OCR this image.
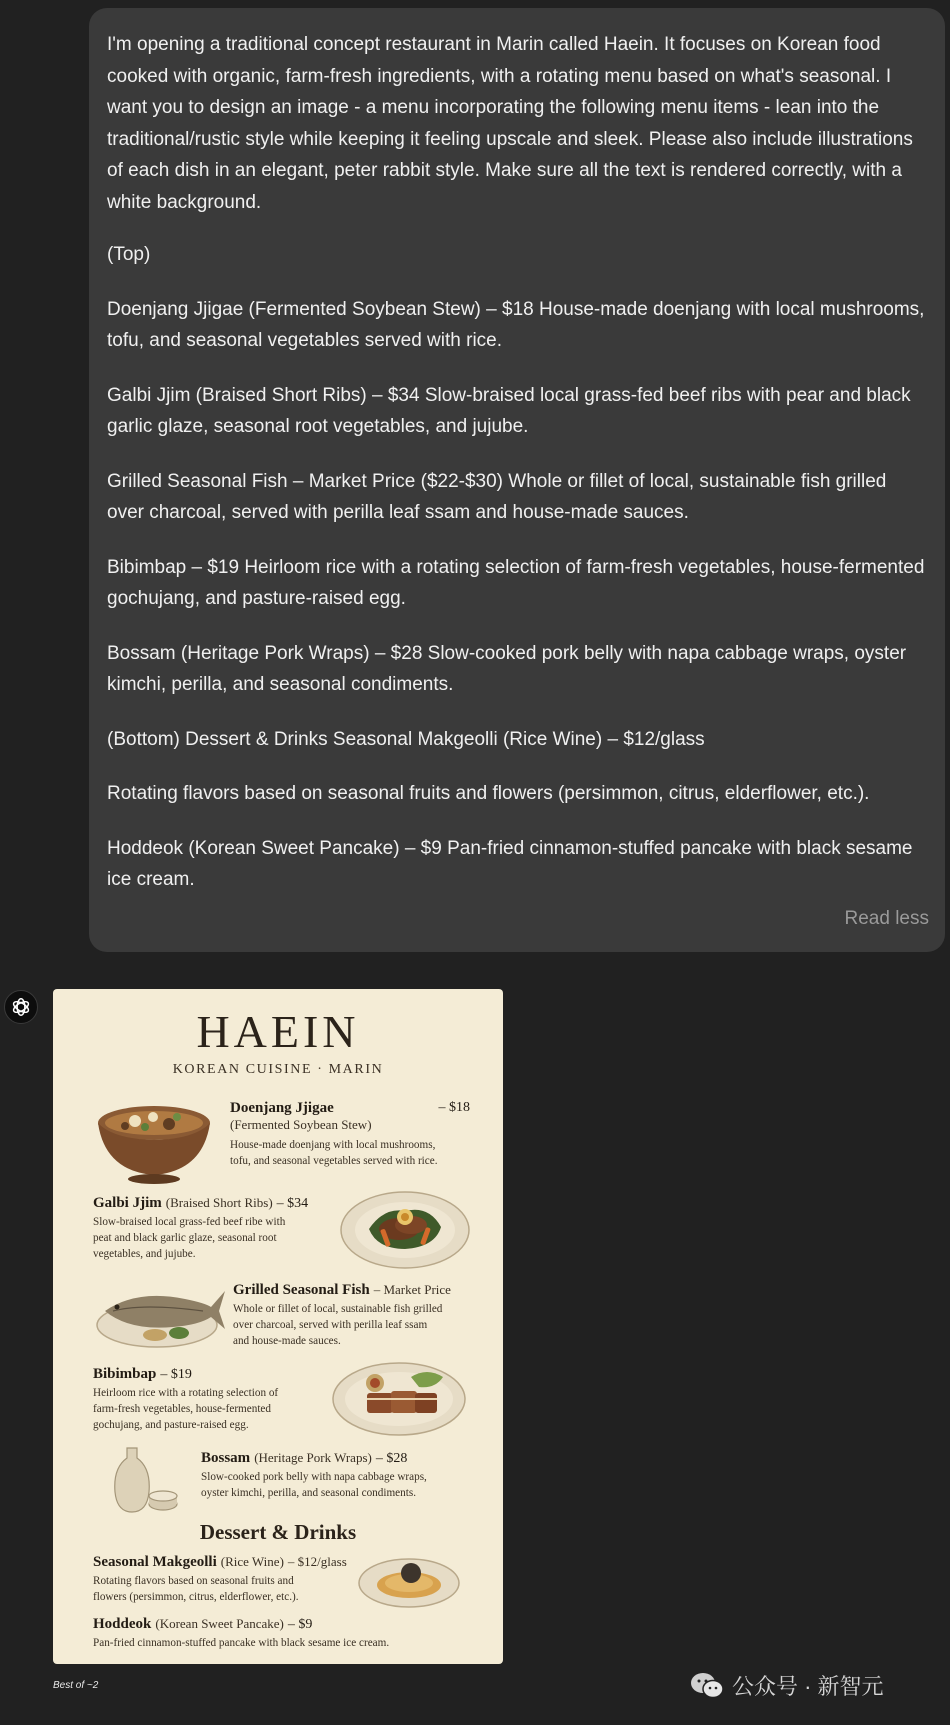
I'm opening a traditional concept restaurant in Marin called Haein. It focuses on Korean food cooked with organic, farm-fresh ingredients, with a rotating menu based on what's seasonal. I want you to design an image - a menu incorporating the following menu items - lean into the traditional/rustic style while keeping it feeling upscale and sleek. Please also include illustrations of each dish in an elegant, peter rabbit style. Make sure all the text is rendered correctly, with a white background.

(Top)

Doenjang Jjigae (Fermented Soybean Stew) – $18 House-made doenjang with local mushrooms, tofu, and seasonal vegetables served with rice.

Galbi Jjim (Braised Short Ribs) – $34 Slow-braised local grass-fed beef ribs with pear and black garlic glaze, seasonal root vegetables, and jujube.

Grilled Seasonal Fish – Market Price ($22-$30) Whole or fillet of local, sustainable fish grilled over charcoal, served with perilla leaf ssam and house-made sauces.

Bibimbap – $19 Heirloom rice with a rotating selection of farm-fresh vegetables, house-fermented gochujang, and pasture-raised egg.

Bossam (Heritage Pork Wraps) – $28 Slow-cooked pork belly with napa cabbage wraps, oyster kimchi, perilla, and seasonal condiments.

(Bottom) Dessert & Drinks Seasonal Makgeolli (Rice Wine) – $12/glass

Rotating flavors based on seasonal fruits and flowers (persimmon, citrus, elderflower, etc.).

Hoddeok (Korean Sweet Pancake) – $9 Pan-fried cinnamon-stuffed pancake with black sesame ice cream.

Read less
HAEIN
KOREAN CUISINE · MARIN
Doenjang Jjigae	– $18
(Fermented Soybean Stew)
House-made doenjang with local mushrooms,
tofu, and seasonal vegetables served with rice.
Galbi Jjim (Braised Short Ribs) – $34
Slow-braised local grass-fed beef ribe with
peat and black garlic glaze, seasonal root
vegetables, and jujube.
Grilled Seasonal Fish – Market Price
Whole or fillet of local, sustainable fish grilled
over charcoal, served with perilla leaf ssam
and house-made sauces.
Bibimbap – $19
Heirloom rice with a rotating selection of
farm-fresh vegetables, house-fermented
gochujang, and pasture-raised egg.
Bossam (Heritage Pork Wraps) – $28
Slow-cooked pork belly with napa cabbage wraps,
oyster kimchi, perilla, and seasonal condiments.
Dessert & Drinks
Seasonal Makgeolli (Rice Wine) – $12/glass
Rotating flavors based on seasonal fruits and
flowers (persimmon, citrus, elderflower, etc.).
Hoddeok (Korean Sweet Pancake) – $9
Pan-fried cinnamon-stuffed pancake with black sesame ice cream.
Best of ~2	公众号 · 新智元
